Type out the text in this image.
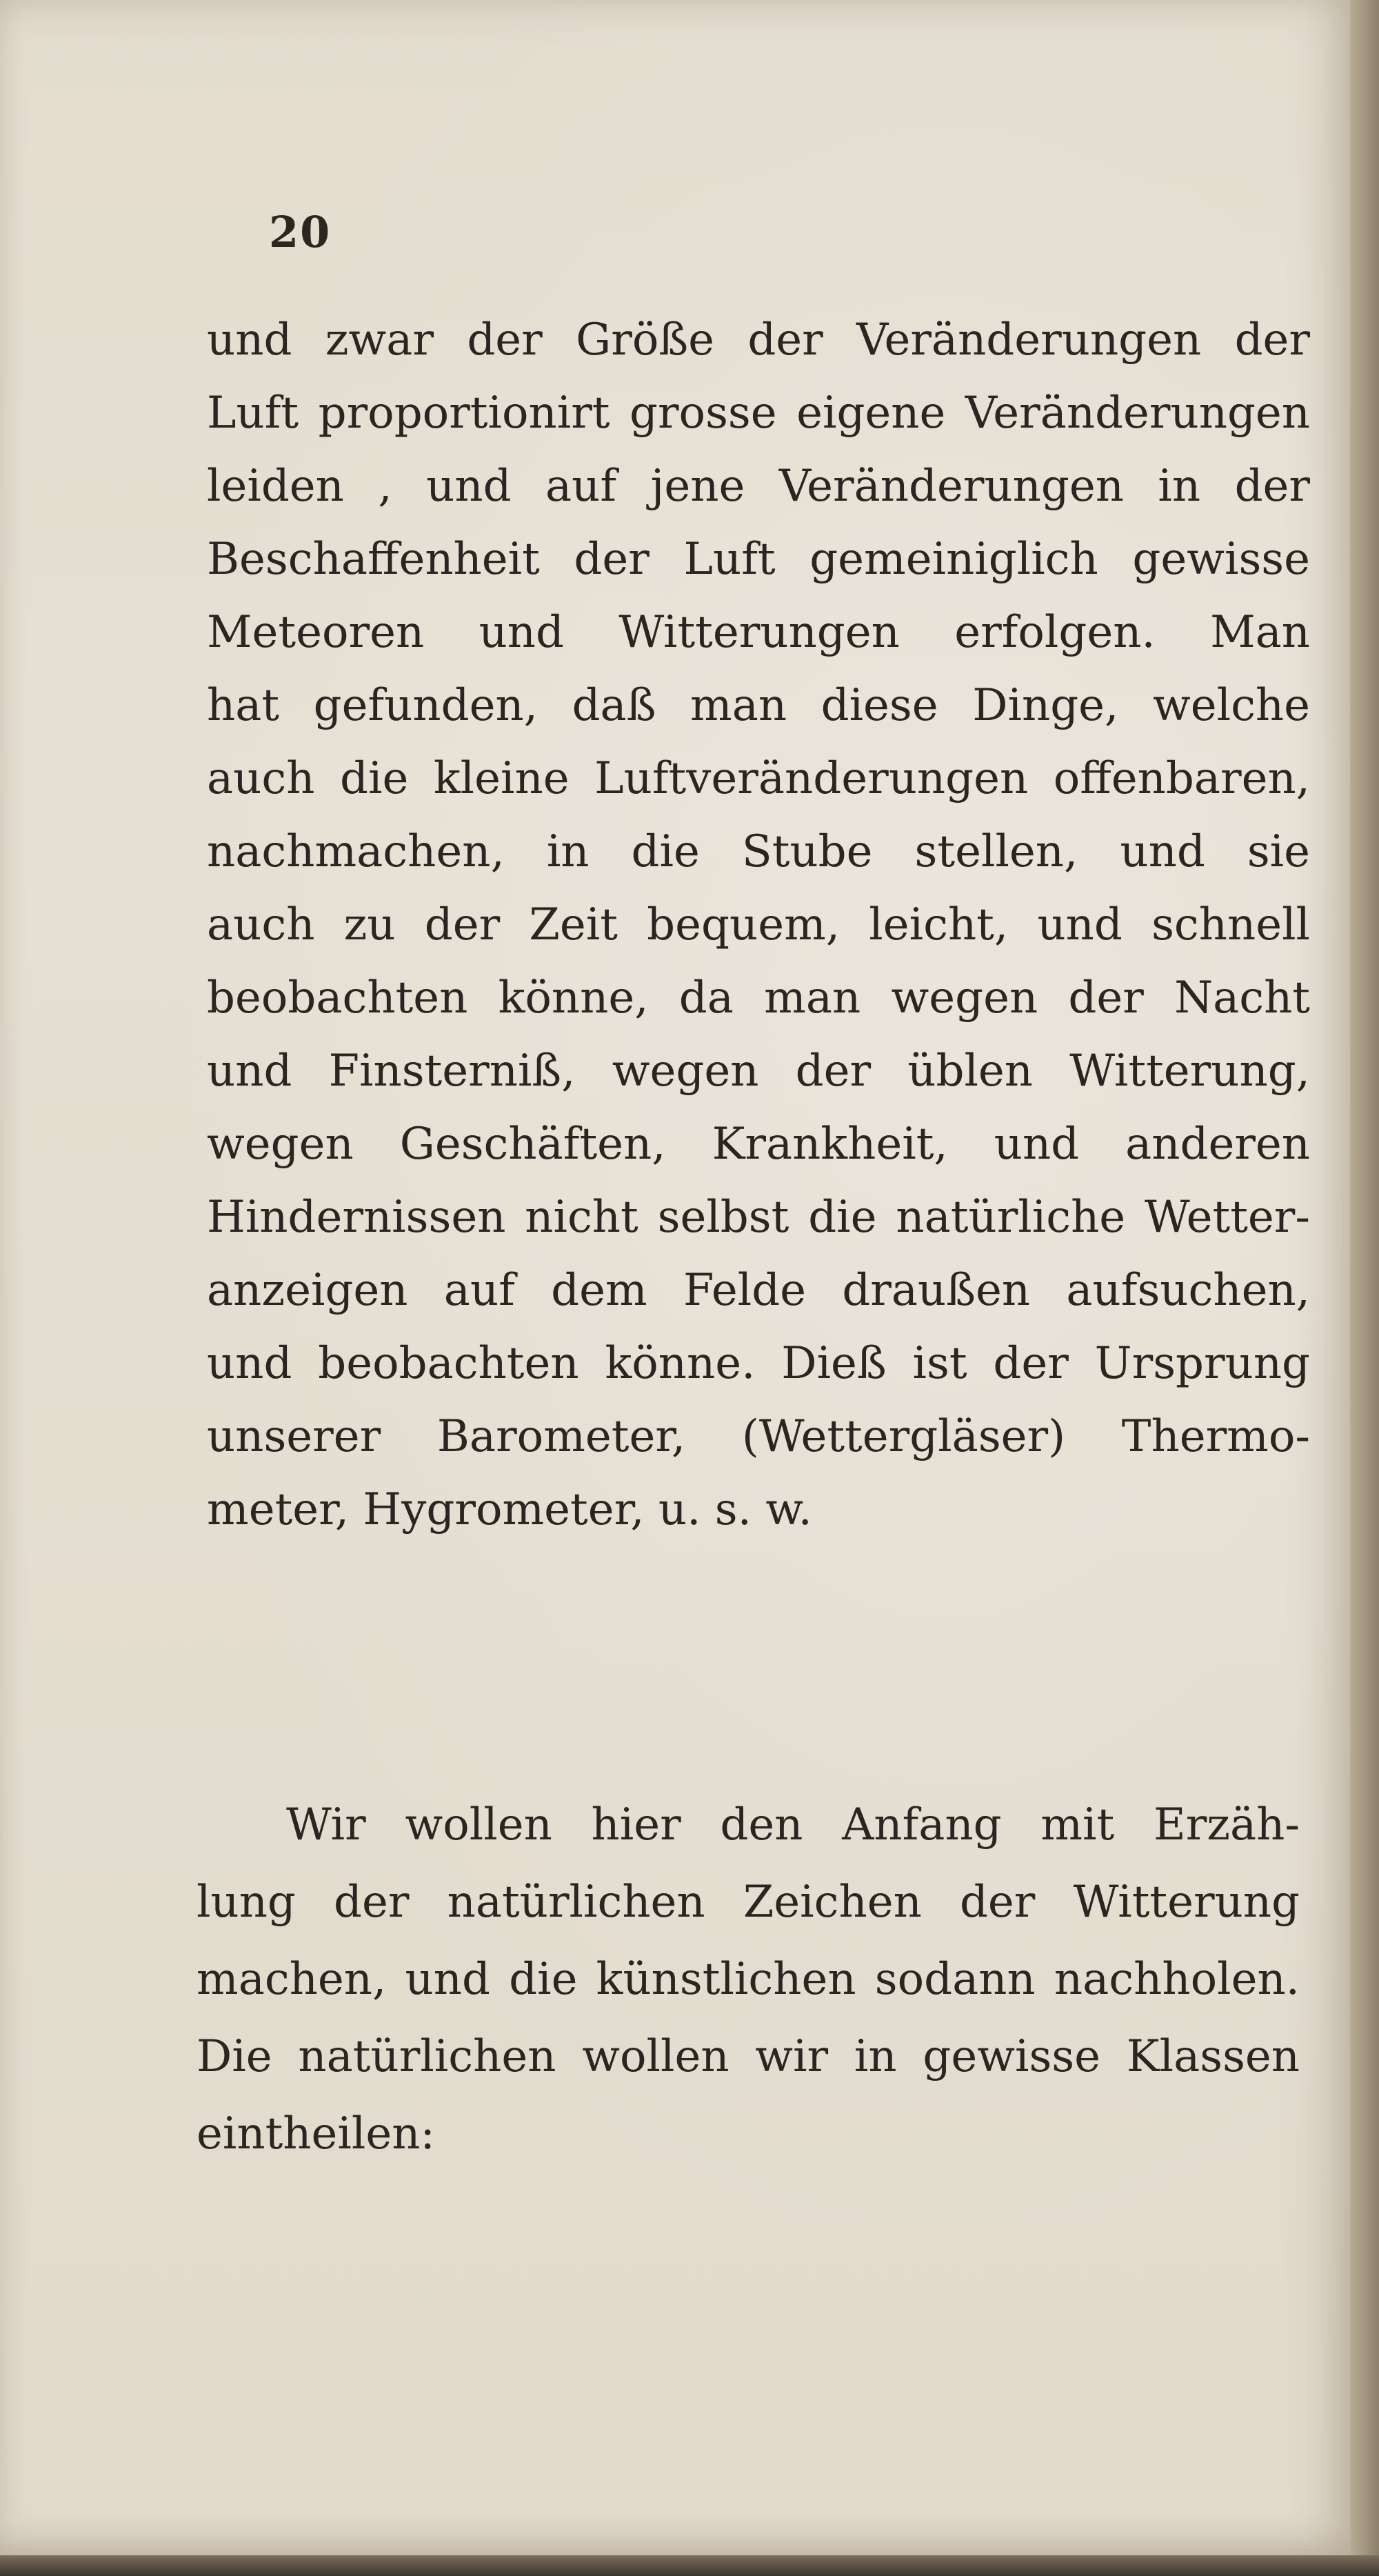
20
und zwar der Größe der Veränderungen der
Luft proportionirt grosse eigene Veränderungen
leiden , und auf jene Veränderungen in der
Beschaffenheit der Luft gemeiniglich gewisse
Meteoren und Witterungen erfolgen. Man
hat gefunden, daß man diese Dinge, welche
auch die kleine Luftveränderungen offenbaren,
nachmachen, in die Stube stellen, und sie
auch zu der Zeit bequem, leicht, und schnell
beobachten könne, da man wegen der Nacht
und Finsterniß, wegen der üblen Witterung,
wegen Geschäften, Krankheit, und anderen
Hindernissen nicht selbst die natürliche Wetter-
anzeigen auf dem Felde draußen aufsuchen,
und beobachten könne. Dieß ist der Ursprung
unserer Barometer, (Wettergläser) Thermo-
meter, Hygrometer, u. s. w.
Wir wollen hier den Anfang mit Erzäh-
lung der natürlichen Zeichen der Witterung
machen, und die künstlichen sodann nachholen.
Die natürlichen wollen wir in gewisse Klassen
eintheilen:
